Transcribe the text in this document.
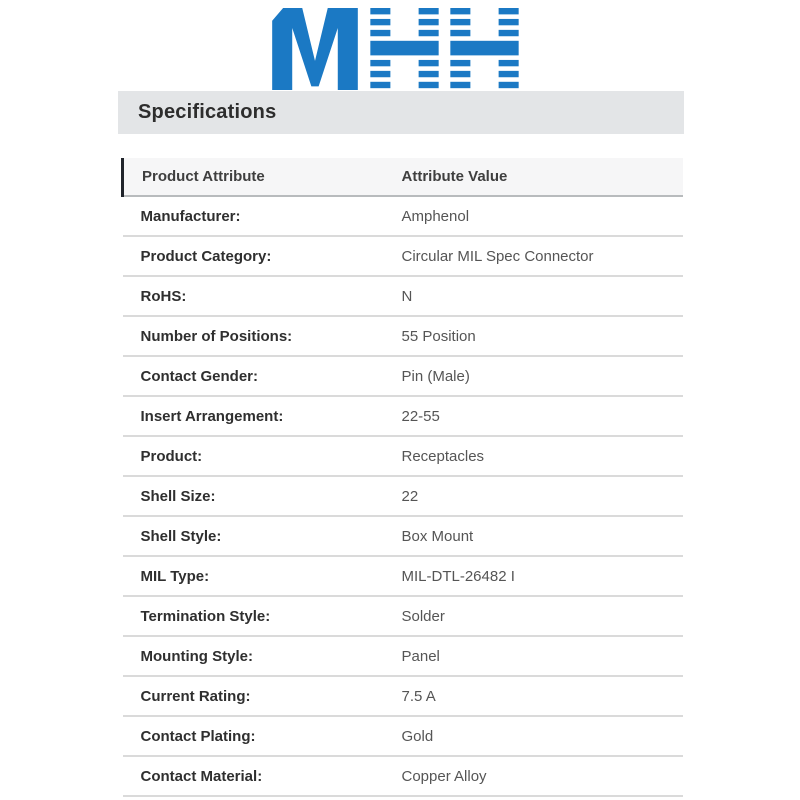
Specifications
Product Attribute	Attribute Value
Manufacturer:	Amphenol
Product Category:	Circular MIL Spec Connector
RoHS:	N
Number of Positions:	55 Position
Contact Gender:	Pin (Male)
Insert Arrangement:	22-55
Product:	Receptacles
Shell Size:	22
Shell Style:	Box Mount
MIL Type:	MIL-DTL-26482 I
Termination Style:	Solder
Mounting Style:	Panel
Current Rating:	7.5 A
Contact Plating:	Gold
Contact Material:	Copper Alloy
